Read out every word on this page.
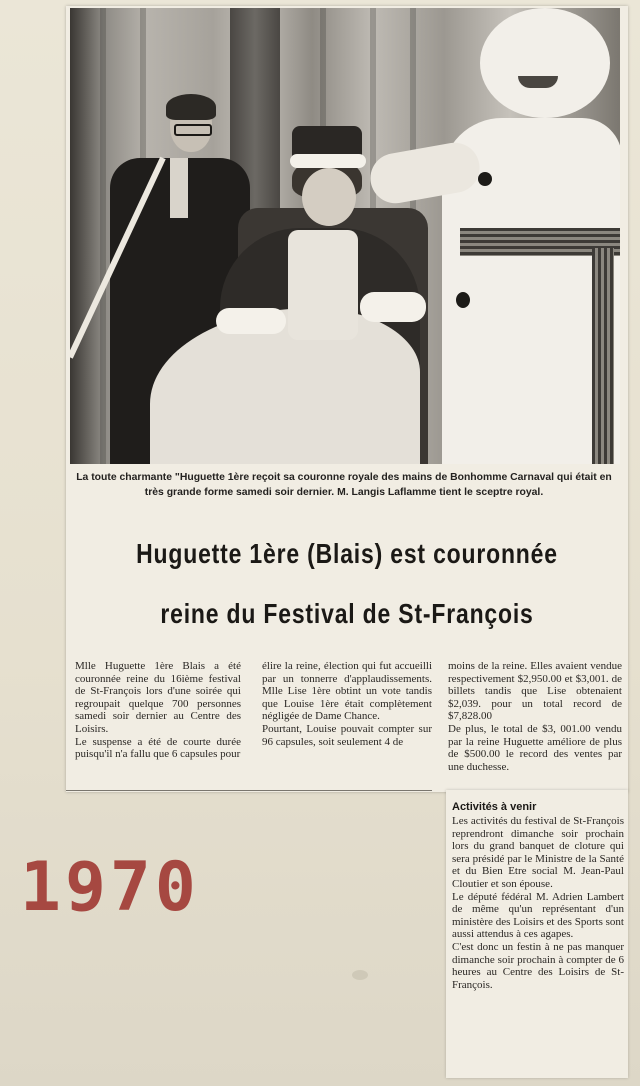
La toute charmante "Huguette 1ère reçoit sa couronne royale des mains de Bonhomme Carnaval qui était en très grande forme samedi soir dernier. M. Langis Laflamme tient le sceptre royal.
Huguette 1ère (Blais) est couronnée
reine du Festival de St-François
Mlle Huguette 1ère Blais a été couronnée reine du 16ième festival de St-François lors d'une soirée qui regroupait quelque 700 personnes samedi soir dernier au Centre des Loisirs.
Le suspense a été de courte durée puisqu'il n'a fallu que 6 capsules pour
élire la reine, élection qui fut accueilli par un tonnerre d'applaudissements. Mlle Lise 1ère obtint un vote tandis que Louise 1ère était complètement négligée de Dame Chance.
Pourtant, Louise pouvait compter sur 96 capsules, soit seulement 4 de
moins de la reine. Elles avaient vendue respectivement $2,950.00 et $3,001. de billets tandis que Lise obtenaient $2,039. pour un total record de $7,828.00
De plus, le total de $3, 001.00 vendu par la reine Huguette améliore de plus de $500.00 le record des ventes par une duchesse.
Activités à venir
Les activités du festival de St-François reprendront dimanche soir prochain lors du grand banquet de cloture qui sera présidé par le Ministre de la Santé et du Bien Etre social M. Jean-Paul Cloutier et son épouse.
Le député fédéral M. Adrien Lambert de même qu'un représentant d'un ministère des Loisirs et des Sports sont aussi attendus à ces agapes.
C'est donc un festin à ne pas manquer dimanche soir prochain à compter de 6 heures au Centre des Loisirs de St-François.
1970
